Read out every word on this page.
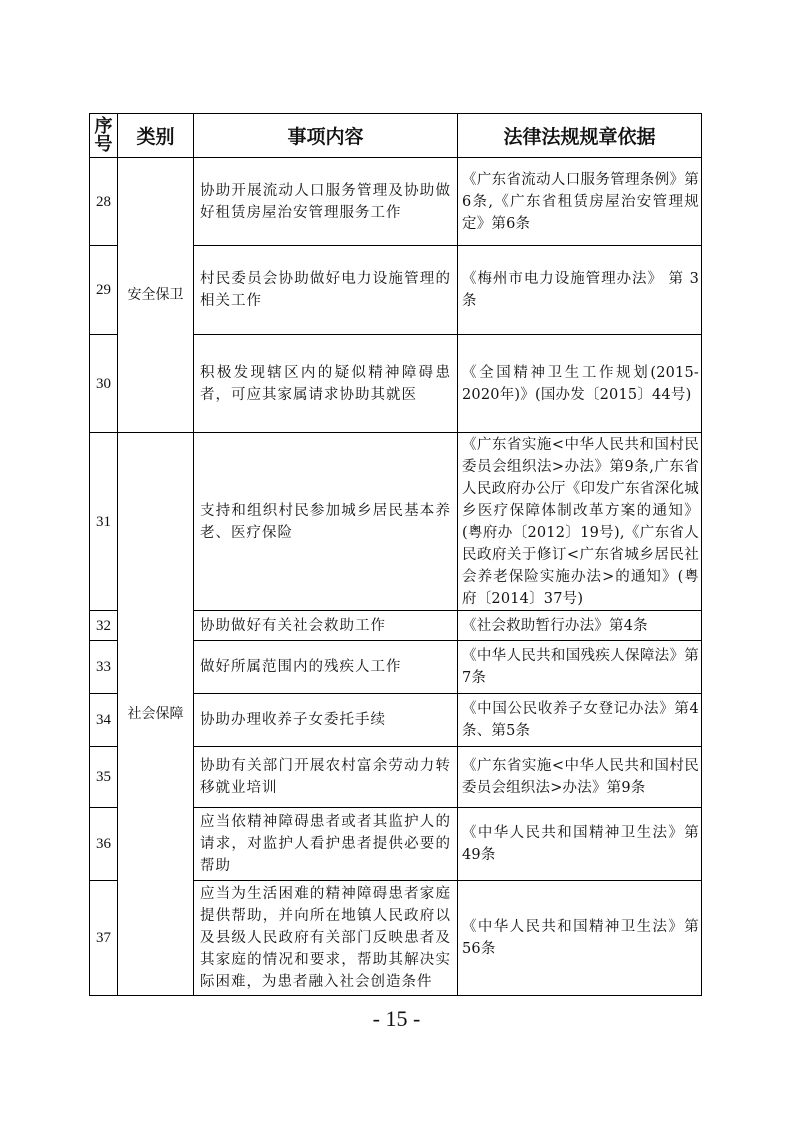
序号	类别	事项内容	法律法规规章依据
28	安全保卫	协助开展流动人口服务管理及协助做好租赁房屋治安管理服务工作	《广东省流动人口服务管理条例》第6条,《广东省租赁房屋治安管理规定》第6条
29		村民委员会协助做好电力设施管理的相关工作	《梅州市电力设施管理办法》 第 3条
30		积极发现辖区内的疑似精神障碍患者，可应其家属请求协助其就医	《全国精神卫生工作规划(2015-2020年)》(国办发〔2015〕44号)
31	社会保障	支持和组织村民参加城乡居民基本养老、医疗保险	《广东省实施<中华人民共和国村民委员会组织法>办法》第9条,广东省人民政府办公厅《印发广东省深化城乡医疗保障体制改革方案的通知》(粤府办〔2012〕19号),《广东省人民政府关于修订<广东省城乡居民社会养老保险实施办法>的通知》(粤府〔2014〕37号)
32		协助做好有关社会救助工作	《社会救助暂行办法》第4条
33		做好所属范围内的残疾人工作	《中华人民共和国残疾人保障法》第7条
34		协助办理收养子女委托手续	《中国公民收养子女登记办法》第4条、第5条
35		协助有关部门开展农村富余劳动力转移就业培训	《广东省实施<中华人民共和国村民委员会组织法>办法》第9条
36		应当依精神障碍患者或者其监护人的请求，对监护人看护患者提供必要的帮助	《中华人民共和国精神卫生法》第49条
37		应当为生活困难的精神障碍患者家庭提供帮助，并向所在地镇人民政府以及县级人民政府有关部门反映患者及其家庭的情况和要求，帮助其解决实际困难，为患者融入社会创造条件	《中华人民共和国精神卫生法》第56条
- 15 -
